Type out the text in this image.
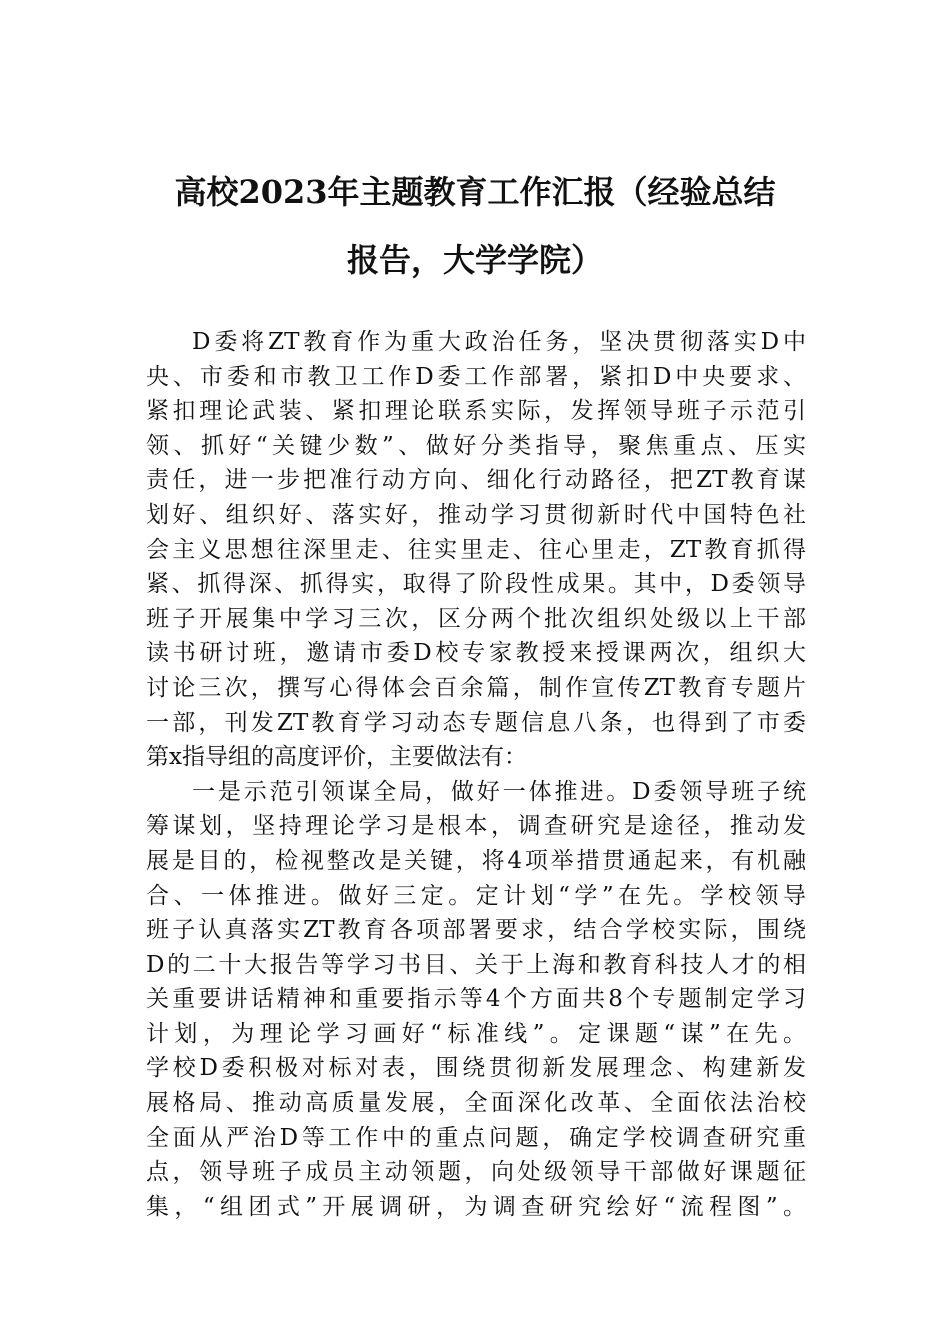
高校2023年主题教育工作汇报（经验总结
报告，大学学院）
D委将ZT教育作为重大政治任务，坚决贯彻落实D中
央、市委和市教卫工作D委工作部署，紧扣D中央要求、
紧扣理论武装、紧扣理论联系实际，发挥领导班子示范引
领、抓好“关键少数”、做好分类指导，聚焦重点、压实
责任，进一步把准行动方向、细化行动路径，把ZT教育谋
划好、组织好、落实好，推动学习贯彻新时代中国特色社
会主义思想往深里走、往实里走、往心里走，ZT教育抓得
紧、抓得深、抓得实，取得了阶段性成果。其中，D委领导
班子开展集中学习三次，区分两个批次组织处级以上干部
读书研讨班，邀请市委D校专家教授来授课两次，组织大
讨论三次，撰写心得体会百余篇，制作宣传ZT教育专题片
一部，刊发ZT教育学习动态专题信息八条，也得到了市委
第x指导组的高度评价，主要做法有：
一是示范引领谋全局，做好一体推进。D委领导班子统
筹谋划，坚持理论学习是根本，调查研究是途径，推动发
展是目的，检视整改是关键，将4项举措贯通起来，有机融
合、一体推进。做好三定。定计划“学”在先。学校领导
班子认真落实ZT教育各项部署要求，结合学校实际，围绕
D的二十大报告等学习书目、关于上海和教育科技人才的相
关重要讲话精神和重要指示等4个方面共8个专题制定学习
计划，为理论学习画好“标准线”。定课题“谋”在先。
学校D委积极对标对表，围绕贯彻新发展理念、构建新发
展格局、推动高质量发展，全面深化改革、全面依法治校
全面从严治D等工作中的重点问题，确定学校调查研究重
点，领导班子成员主动领题，向处级领导干部做好课题征
集，“组团式”开展调研，为调查研究绘好“流程图”。
